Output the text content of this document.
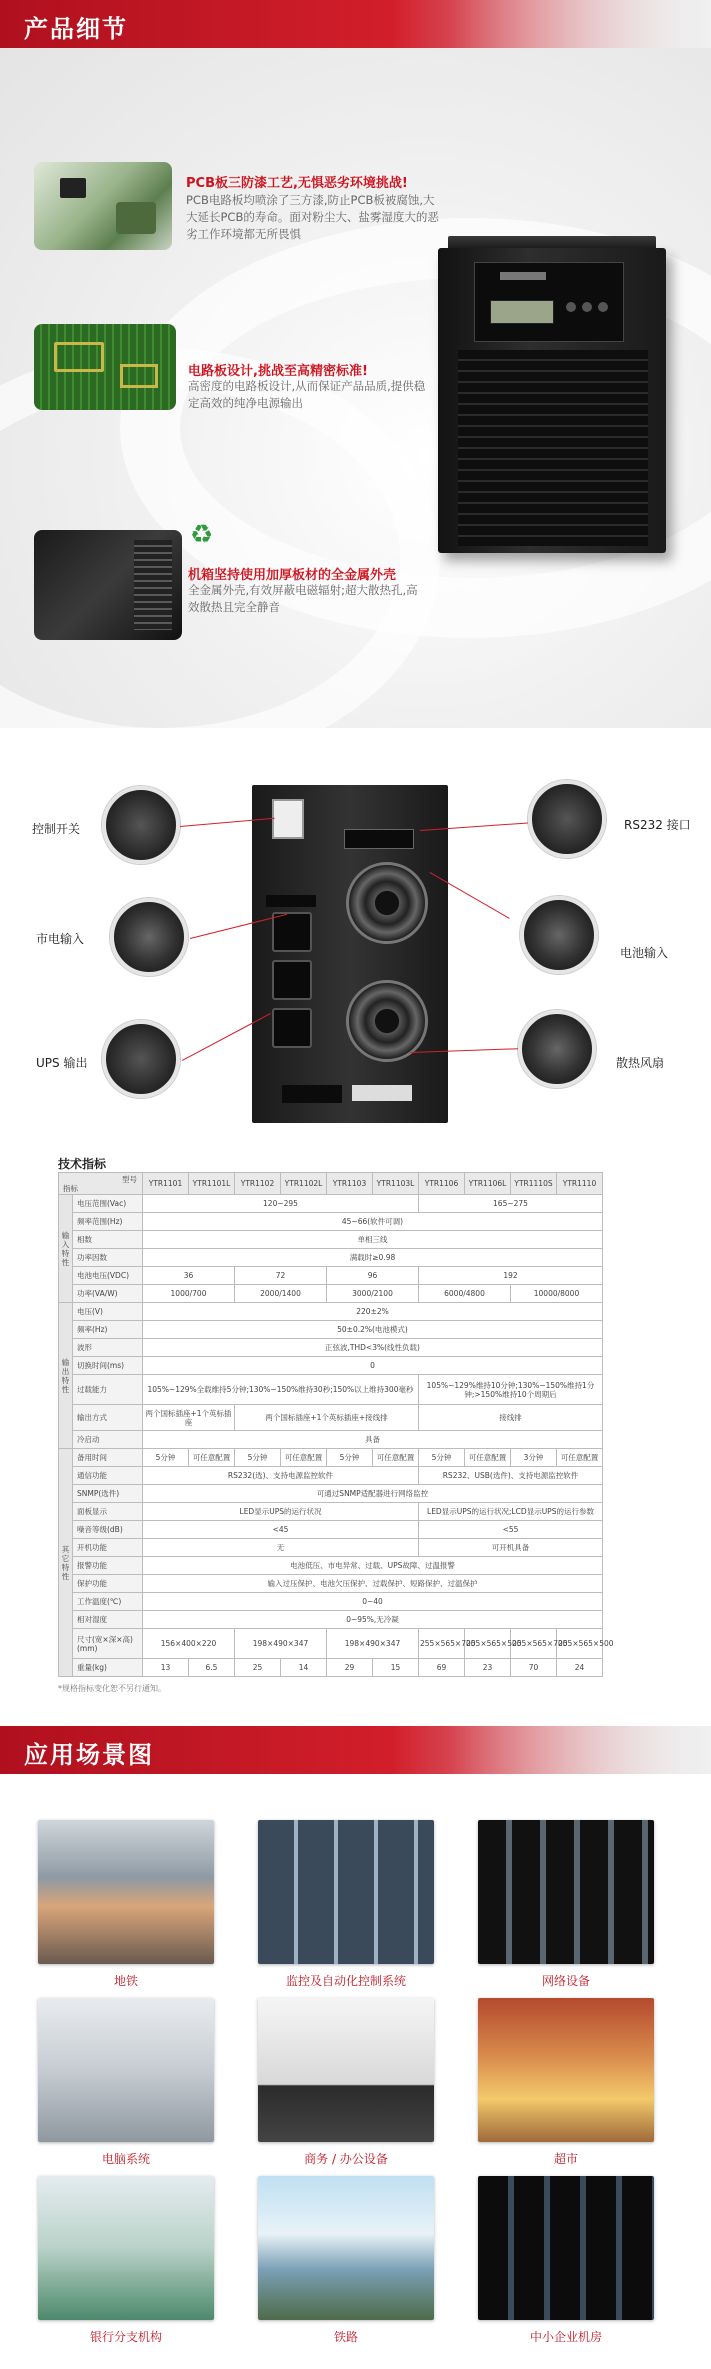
产品细节
PCB板三防漆工艺,无惧恶劣环境挑战!

PCB电路板均喷涂了三方漆,防止PCB板被腐蚀,大大延长PCB的寿命。面对粉尘大、盐雾湿度大的恶劣工作环境都无所畏惧

电路板设计,挑战至高精密标准!

高密度的电路板设计,从而保证产品品质,提供稳定高效的纯净电源输出

♻
机箱坚持使用加厚板材的全金属外壳

全金属外壳,有效屏蔽电磁辐射;超大散热孔,高效散热且完全静音

控制开关
市电输入
UPS 输出
RS232 接口
电池输入
散热风扇
技术指标
型号
指标		YTR1101	YTR1101L	YTR1102	YTR1102L	YTR1103	YTR1103L	YTR1106	YTR1106L	YTR1110S	YTR1110
输入特性	电压范围(Vac)	120~295						165~275			
	频率范围(Hz)	45~66(软件可调)									
	相数	单相三线									
	功率因数	满载时≥0.98									
	电池电压(VDC)	36		72		96		192			
	功率(VA/W)	1000/700		2000/1400		3000/2100		6000/4800		10000/8000	
输出特性	电压(V)	220±2%									
	频率(Hz)	50±0.2%(电池模式)									
	波形	正弦波,THD<3%(线性负载)									
	切换时间(ms)	0									
	过载能力	105%~129%全载维持5分钟;130%~150%维持30秒;150%以上维持300毫秒						105%~129%维持10分钟;130%~150%维持1分钟;>150%维持10个周期后			
	输出方式	两个国标插座+1个英标插座		两个国标插座+1个英标插座+接线排				接线排			
	冷启动	具备									
其它特性	备用时间	5分钟	可任意配置	5分钟	可任意配置	5分钟	可任意配置	5分钟	可任意配置	3分钟	可任意配置
	通信功能	RS232(选)、支持电源监控软件						RS232、USB(选件)、支持电源监控软件			
	SNMP(选件)	可通过SNMP适配器进行网络监控									
	面板显示	LED显示UPS的运行状况						LED显示UPS的运行状况;LCD显示UPS的运行参数			
	噪音等级(dB)	<45						<55			
	开机功能	无						可开机具备			
	报警功能	电池低压、市电异常、过载、UPS故障、过温报警									
	保护功能	输入过压保护、电池欠压保护、过载保护、短路保护、过温保护									
	工作温度(℃)	0~40									
	相对湿度	0~95%,无冷凝									
	尺寸(宽×深×高)(mm)	156×400×220		198×490×347		198×490×347		255×565×700	255×565×500	255×565×700	255×565×500
	重量(kg)	13	6.5	25	14	29	15	69	23	70	24
*规格指标变化恕不另行通知。
应用场景图
地铁	监控及自动化控制系统	网络设备
电脑系统	商务 / 办公设备	超市
银行分支机构	铁路	中小企业机房
